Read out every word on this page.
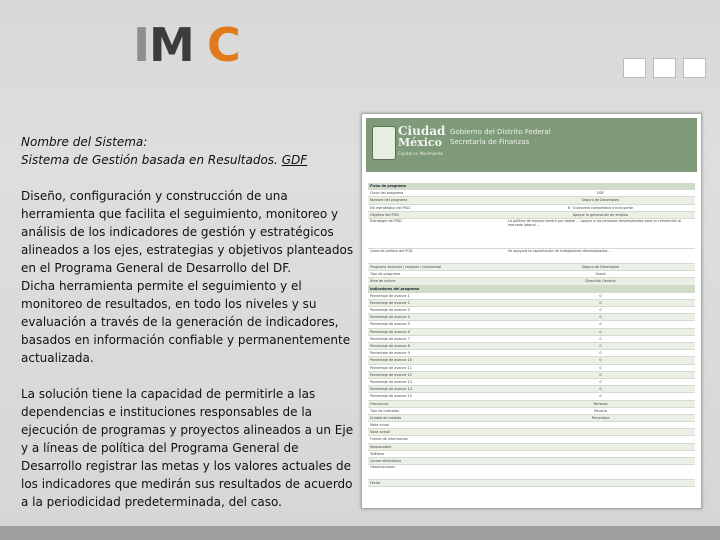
I M C

Nombre del Sistema:

Sistema de Gestión basada en Resultados. GDF

Diseño, configuración y construcción de una herramienta que facilita el seguimiento, monitoreo y análisis de los indicadores de gestión y estratégicos alineados a los ejes, estrategias y objetivos planteados en el Programa General de Desarrollo del DF.

Dicha herramienta permite el seguimiento y el monitoreo de resultados, en todo los niveles y su evaluación a través de la generación de indicadores, basados en información confiable y permanentemente actualizada.

La solución tiene la capacidad de permitirle a las dependencias e instituciones responsables de la ejecución de programas y proyectos alineados a un Eje y a líneas de política del Programa General de Desarrollo registrar las metas y los valores actuales de los indicadores que medirán sus resultados de acuerdo a la periodicidad predeterminada, del caso.

Ciudad
México
Capital en Movimiento
Gobierno del Distrito Federal
Secretaría de Finanzas
Ficha de programa
Clave del programa	GDF
Nombre del programa	Seguro de Desempleo
Eje estratégico del PGD	6 · Economía competitiva e incluyente
Objetivo del PGD	Apoyar la generación de empleo
Estrategia del PGD	La política de empleo tendrá por objeto ... apoyar a las personas desempleadas para su reinserción al mercado laboral ...
Línea de política del PGD	Se apoyará la capacitación de trabajadores desempleados ...
Programa sectorial / regional / transversal	Seguro de Desempleo
Tipo de programa	Social
Área de enlace	Dirección General
Indicadores del programa
Porcentaje de avance 1	0
Porcentaje de avance 2	0
Porcentaje de avance 3	0
Porcentaje de avance 4	0
Porcentaje de avance 5	0
Porcentaje de avance 6	0
Porcentaje de avance 7	0
Porcentaje de avance 8	0
Porcentaje de avance 9	0
Porcentaje de avance 10	0
Porcentaje de avance 11	0
Porcentaje de avance 12	0
Porcentaje de avance 13	0
Porcentaje de avance 14	0
Porcentaje de avance 15	0
Frecuencia	Mensual
Tipo de indicador	Eficacia
Unidad de medida	Porcentaje
Meta anual
Valor actual
Fuente de información
Responsable
Teléfono
Correo electrónico
Observaciones
Fecha
